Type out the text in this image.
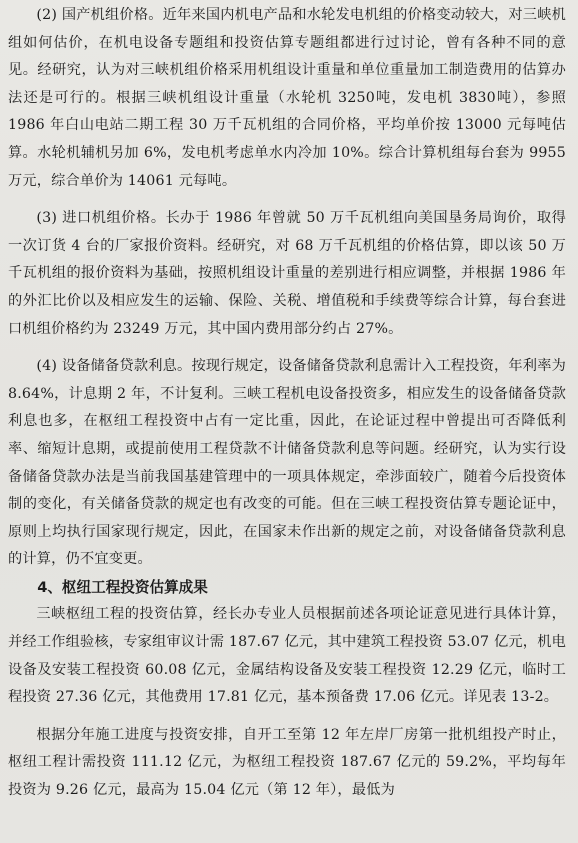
(2) 国产机组价格。近年来国内机电产品和水轮发电机组的价格变动较大，对三峡机组如何估价，在机电设备专题组和投资估算专题组都进行过讨论，曾有各种不同的意见。经研究，认为对三峡机组价格采用机组设计重量和单位重量加工制造费用的估算办法还是可行的。根据三峡机组设计重量（水轮机 3250吨，发电机 3830吨），参照 1986 年白山电站二期工程 30 万千瓦机组的合同价格，平均单价按 13000 元每吨估算。水轮机辅机另加 6%，发电机考虑单水内冷加 10%。综合计算机组每台套为 9955 万元，综合单价为 14061 元每吨。

(3) 进口机组价格。长办于 1986 年曾就 50 万千瓦机组向美国垦务局询价，取得一次订货 4 台的厂家报价资料。经研究，对 68 万千瓦机组的价格估算，即以该 50 万千瓦机组的报价资料为基础，按照机组设计重量的差别进行相应调整，并根据 1986 年的外汇比价以及相应发生的运输、保险、关税、增值税和手续费等综合计算，每台套进口机组价格约为 23249 万元，其中国内费用部分约占 27%。

(4) 设备储备贷款利息。按现行规定，设备储备贷款利息需计入工程投资，年利率为 8.64%，计息期 2 年，不计复利。三峡工程机电设备投资多，相应发生的设备储备贷款利息也多，在枢纽工程投资中占有一定比重，因此，在论证过程中曾提出可否降低利率、缩短计息期，或提前使用工程贷款不计储备贷款利息等问题。经研究，认为实行设备储备贷款办法是当前我国基建管理中的一项具体规定，牵涉面较广，随着今后投资体制的变化，有关储备贷款的规定也有改变的可能。但在三峡工程投资估算专题论证中，原则上均执行国家现行规定，因此，在国家未作出新的规定之前，对设备储备贷款利息的计算，仍不宜变更。

4、枢纽工程投资估算成果

三峡枢纽工程的投资估算，经长办专业人员根据前述各项论证意见进行具体计算，并经工作组验核，专家组审议计需 187.67 亿元，其中建筑工程投资 53.07 亿元，机电设备及安装工程投资 60.08 亿元，金属结构设备及安装工程投资 12.29 亿元，临时工程投资 27.36 亿元，其他费用 17.81 亿元，基本预备费 17.06 亿元。详见表 13-2。

根据分年施工进度与投资安排，自开工至第 12 年左岸厂房第一批机组投产时止，枢纽工程计需投资 111.12 亿元，为枢纽工程投资 187.67 亿元的 59.2%，平均每年投资为 9.26 亿元，最高为 15.04 亿元（第 12 年），最低为
